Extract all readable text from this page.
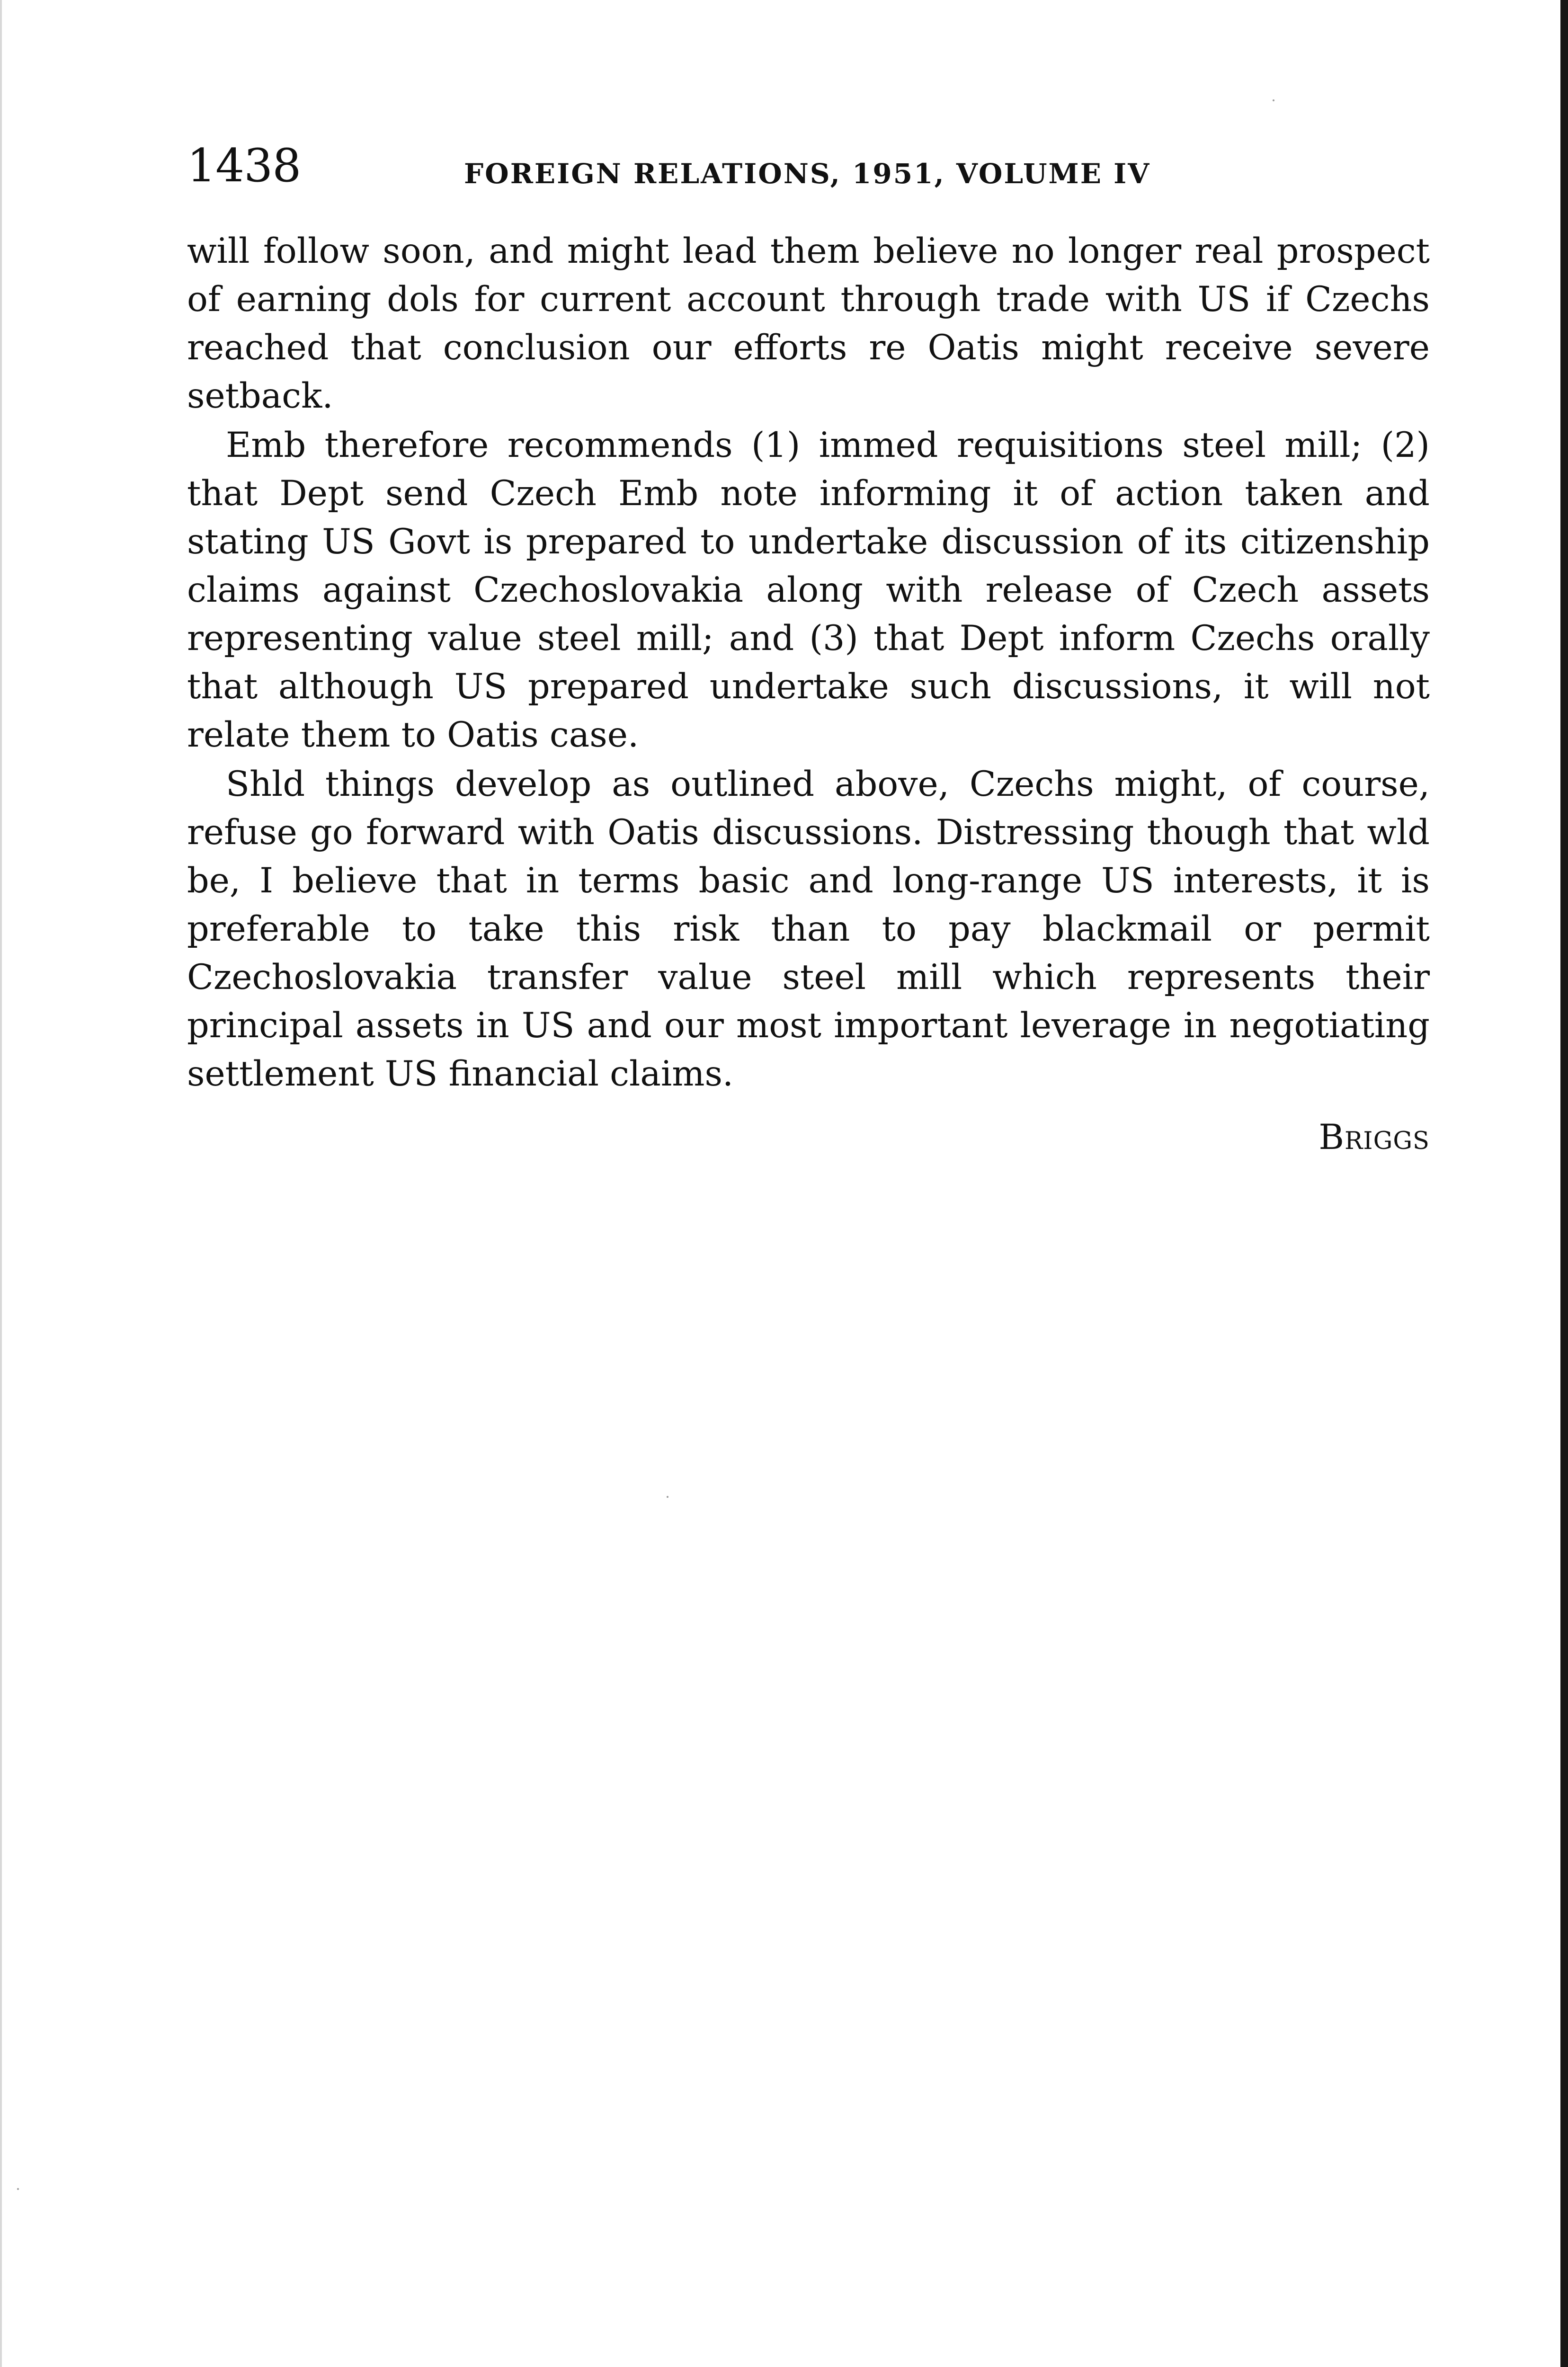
1438	FOREIGN RELATIONS, 1951, VOLUME IV

will follow soon, and might lead them believe no longer real prospect of earning dols for current account through trade with US if Czechs reached that conclusion our efforts re Oatis might receive severe setback.

Emb therefore recommends (1) immed requisitions steel mill; (2) that Dept send Czech Emb note informing it of action taken and stating US Govt is prepared to undertake discussion of its citizenship claims against Czechoslovakia along with release of Czech assets representing value steel mill; and (3) that Dept inform Czechs orally that although US prepared undertake such discussions, it will not relate them to Oatis case.

Shld things develop as outlined above, Czechs might, of course, refuse go forward with Oatis discussions. Distressing though that wld be, I believe that in terms basic and long-range US interests, it is preferable to take this risk than to pay blackmail or permit Czechoslovakia transfer value steel mill which represents their principal assets in US and our most important leverage in negotiating settlement US financial claims.

Briggs
